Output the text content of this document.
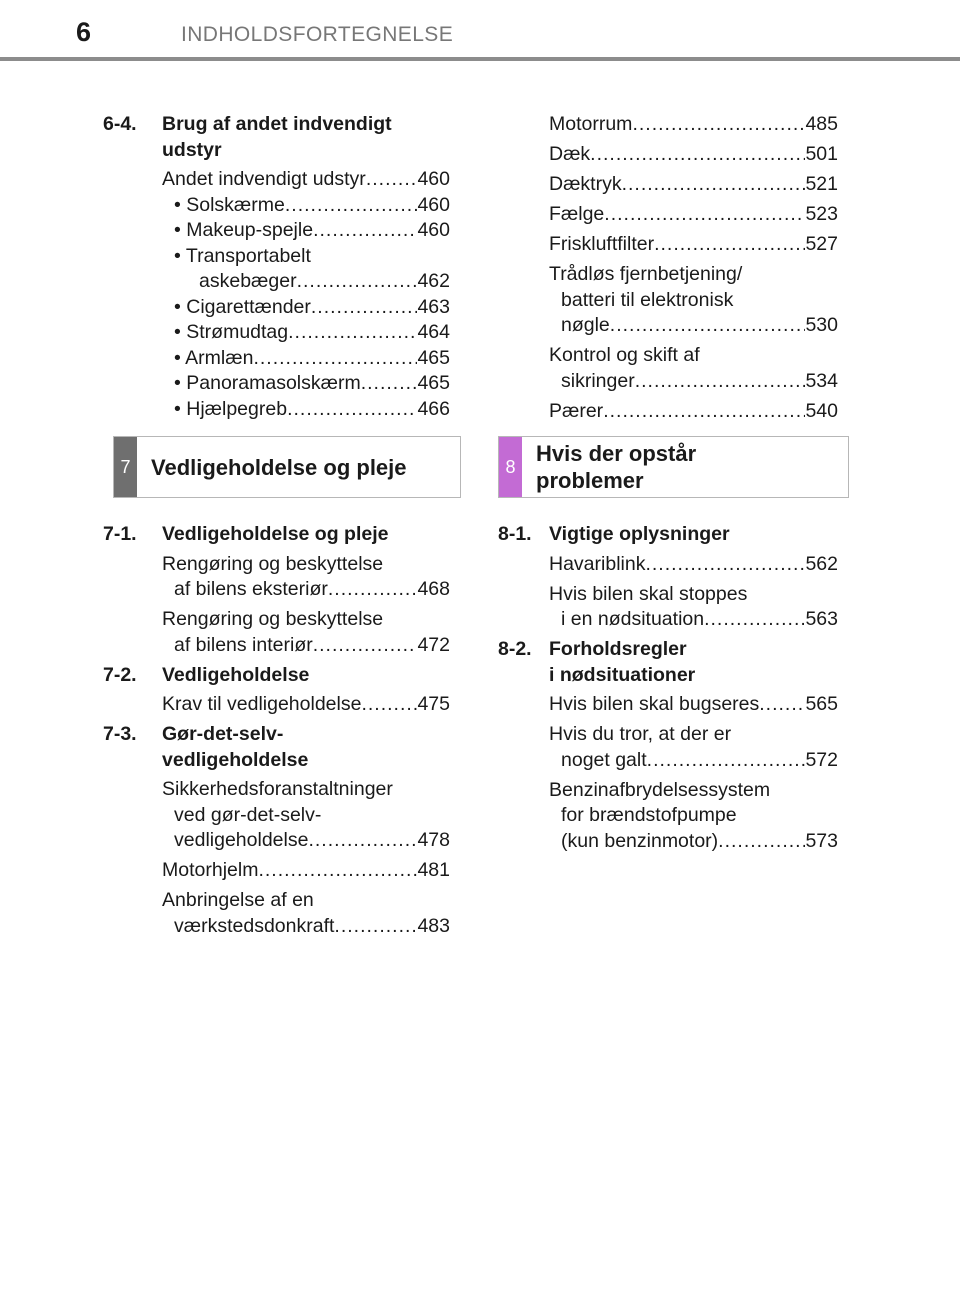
6	INDHOLDSFORTEGNELSE
6-4. Brug af andet indvendigt
udstyr
Andet indvendigt udstyr .....	460
• Solskærme .....	460
• Makeup-spejle .....	460
• Transportabelt
askebæger .....	462
• Cigarettænder .....	463
• Strømudtag .....	464
• Armlæn .....	465
• Panoramasolskærm .....	465
• Hjælpegreb .....	466
7 Vedligeholdelse og pleje
7-1. Vedligeholdelse og pleje
Rengøring og beskyttelse
af bilens eksteriør .....	468
Rengøring og beskyttelse
af bilens interiør .....	472
7-2. Vedligeholdelse
Krav til vedligeholdelse .....	475
7-3. Gør-det-selv-
vedligeholdelse
Sikkerhedsforanstaltninger
ved gør-det-selv-
vedligeholdelse .....	478
Motorhjelm .....	481
Anbringelse af en
værkstedsdonkraft .....	483
Motorrum .....	485
Dæk .....	501
Dæktryk .....	521
Fælge .....	523
Friskluftfilter .....	527
Trådløs fjernbetjening/
batteri til elektronisk
nøgle .....	530
Kontrol og skift af
sikringer .....	534
Pærer .....	540
8
Hvis der opstår
problemer
8-1. Vigtige oplysninger
Havariblink .....	562
Hvis bilen skal stoppes
i en nødsituation .....	563
8-2. Forholdsregler
i nødsituationer
Hvis bilen skal bugseres ..... 565
Hvis du tror, at der er
noget galt .....	572
Benzinafbrydelsessystem
for brændstofpumpe
(kun benzinmotor) .....	573
